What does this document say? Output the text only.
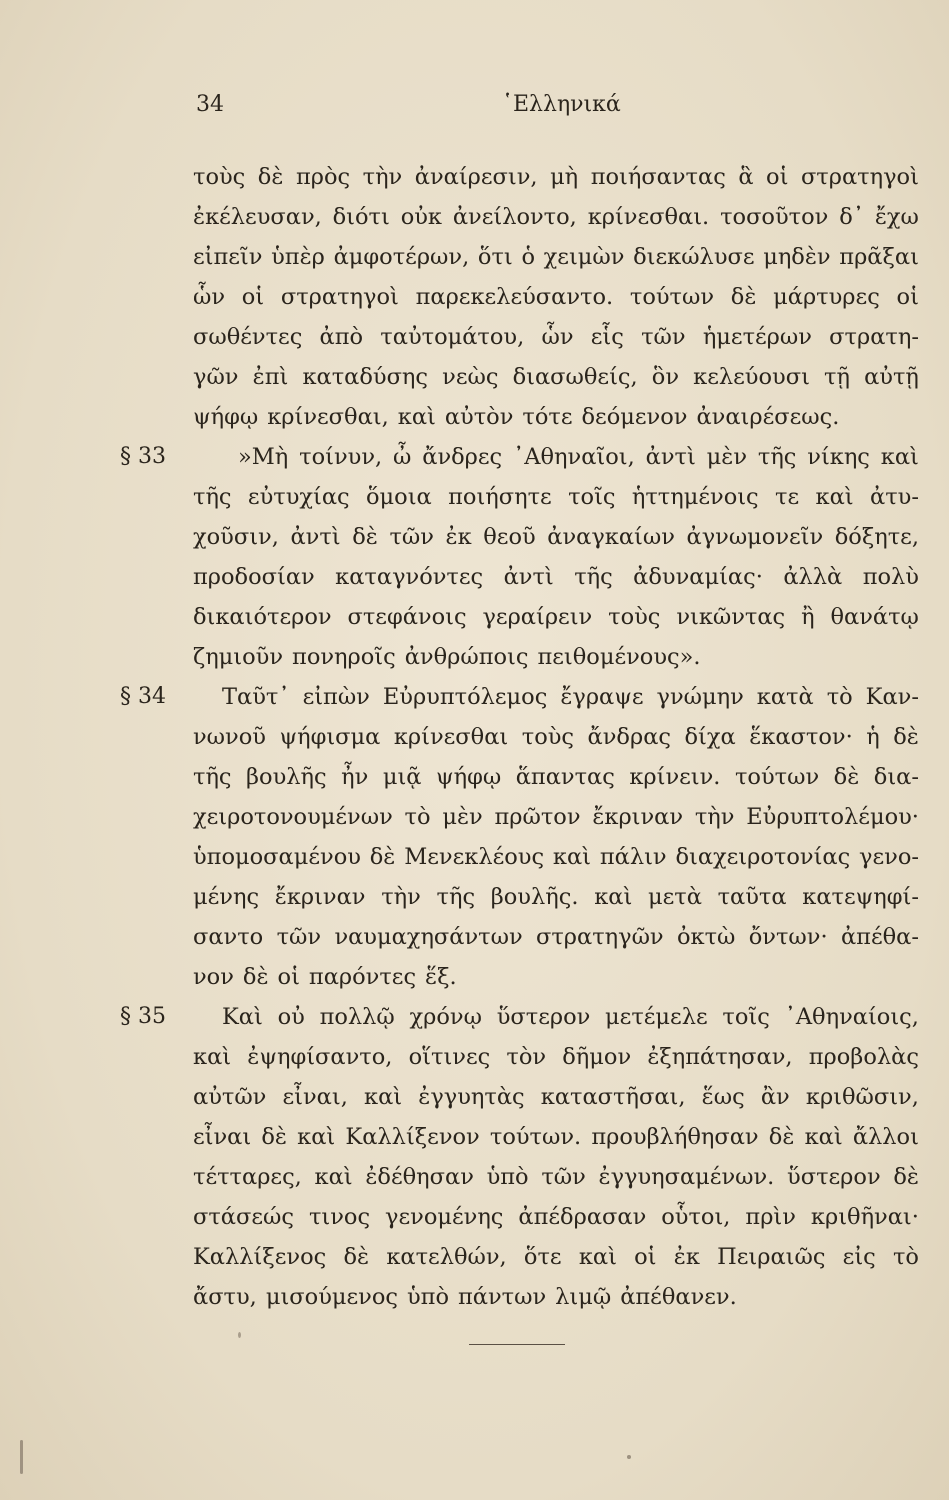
34	῾Ελληνικά
τοὺς δὲ πρὸς τὴν ἀναίρεσιν, μὴ ποιήσαντας ἃ οἱ στρατηγοὶ
ἐκέλευσαν, διότι οὐκ ἀνείλοντο, κρίνεσθαι. τοσοῦτον δ᾽ ἔχω
εἰπεῖν ὑπὲρ ἀμφοτέρων, ὅτι ὁ χειμὼν διεκώλυσε μηδὲν πρᾶξαι
ὧν οἱ στρατηγοὶ παρεκελεύσαντο. τούτων δὲ μάρτυρες οἱ
σωθέντες ἀπὸ ταὐτομάτου, ὧν εἷς τῶν ἡμετέρων στρατη-
γῶν ἐπὶ καταδύσης νεὼς διασωθείς, ὃν κελεύουσι τῇ αὐτῇ
ψήφῳ κρίνεσθαι, καὶ αὐτὸν τότε δεόμενον ἀναιρέσεως.
§ 33	»Μὴ τοίνυν, ὦ ἄνδρες ᾽Αθηναῖοι, ἀντὶ μὲν τῆς νίκης καὶ
τῆς εὐτυχίας ὅμοια ποιήσητε τοῖς ἡττημένοις τε καὶ ἀτυ-
χοῦσιν, ἀντὶ δὲ τῶν ἐκ θεοῦ ἀναγκαίων ἀγνωμονεῖν δόξητε,
προδοσίαν καταγνόντες ἀντὶ τῆς ἀδυναμίας· ἀλλὰ πολὺ
δικαιότερον στεφάνοις γεραίρειν τοὺς νικῶντας ἢ θανάτῳ
ζημιοῦν πονηροῖς ἀνθρώποις πειθομένους».
§ 34 Ταῦτ᾽ εἰπὼν Εὐρυπτόλεμος ἔγραψε γνώμην κατὰ τὸ Καν-
νωνοῦ ψήφισμα κρίνεσθαι τοὺς ἄνδρας δίχα ἕκαστον· ἡ δὲ
τῆς βουλῆς ἦν μιᾷ ψήφῳ ἅπαντας κρίνειν. τούτων δὲ δια-
χειροτονουμένων τὸ μὲν πρῶτον ἔκριναν τὴν Εὐρυπτολέμου·
ὑπομοσαμένου δὲ Μενεκλέους καὶ πάλιν διαχειροτονίας γενο-
μένης ἔκριναν τὴν τῆς βουλῆς. καὶ μετὰ ταῦτα κατεψηφί-
σαντο τῶν ναυμαχησάντων στρατηγῶν ὀκτὼ ὄντων· ἀπέθα-
νον δὲ οἱ παρόντες ἕξ.
§ 35 Καὶ οὐ πολλῷ χρόνῳ ὕστερον μετέμελε τοῖς ᾽Αθηναίοις,
καὶ ἐψηφίσαντο, οἵτινες τὸν δῆμον ἐξηπάτησαν, προβολὰς
αὐτῶν εἶναι, καὶ ἐγγυητὰς καταστῆσαι, ἕως ἂν κριθῶσιν,
εἶναι δὲ καὶ Καλλίξενον τούτων. προυβλήθησαν δὲ καὶ ἄλλοι
τέτταρες, καὶ ἐδέθησαν ὑπὸ τῶν ἐγγυησαμένων. ὕστερον δὲ
στάσεώς τινος γενομένης ἀπέδρασαν οὗτοι, πρὶν κριθῆναι·
Καλλίξενος δὲ κατελθών, ὅτε καὶ οἱ ἐκ Πειραιῶς εἰς τὸ
ἄστυ, μισούμενος ὑπὸ πάντων λιμῷ ἀπέθανεν.
